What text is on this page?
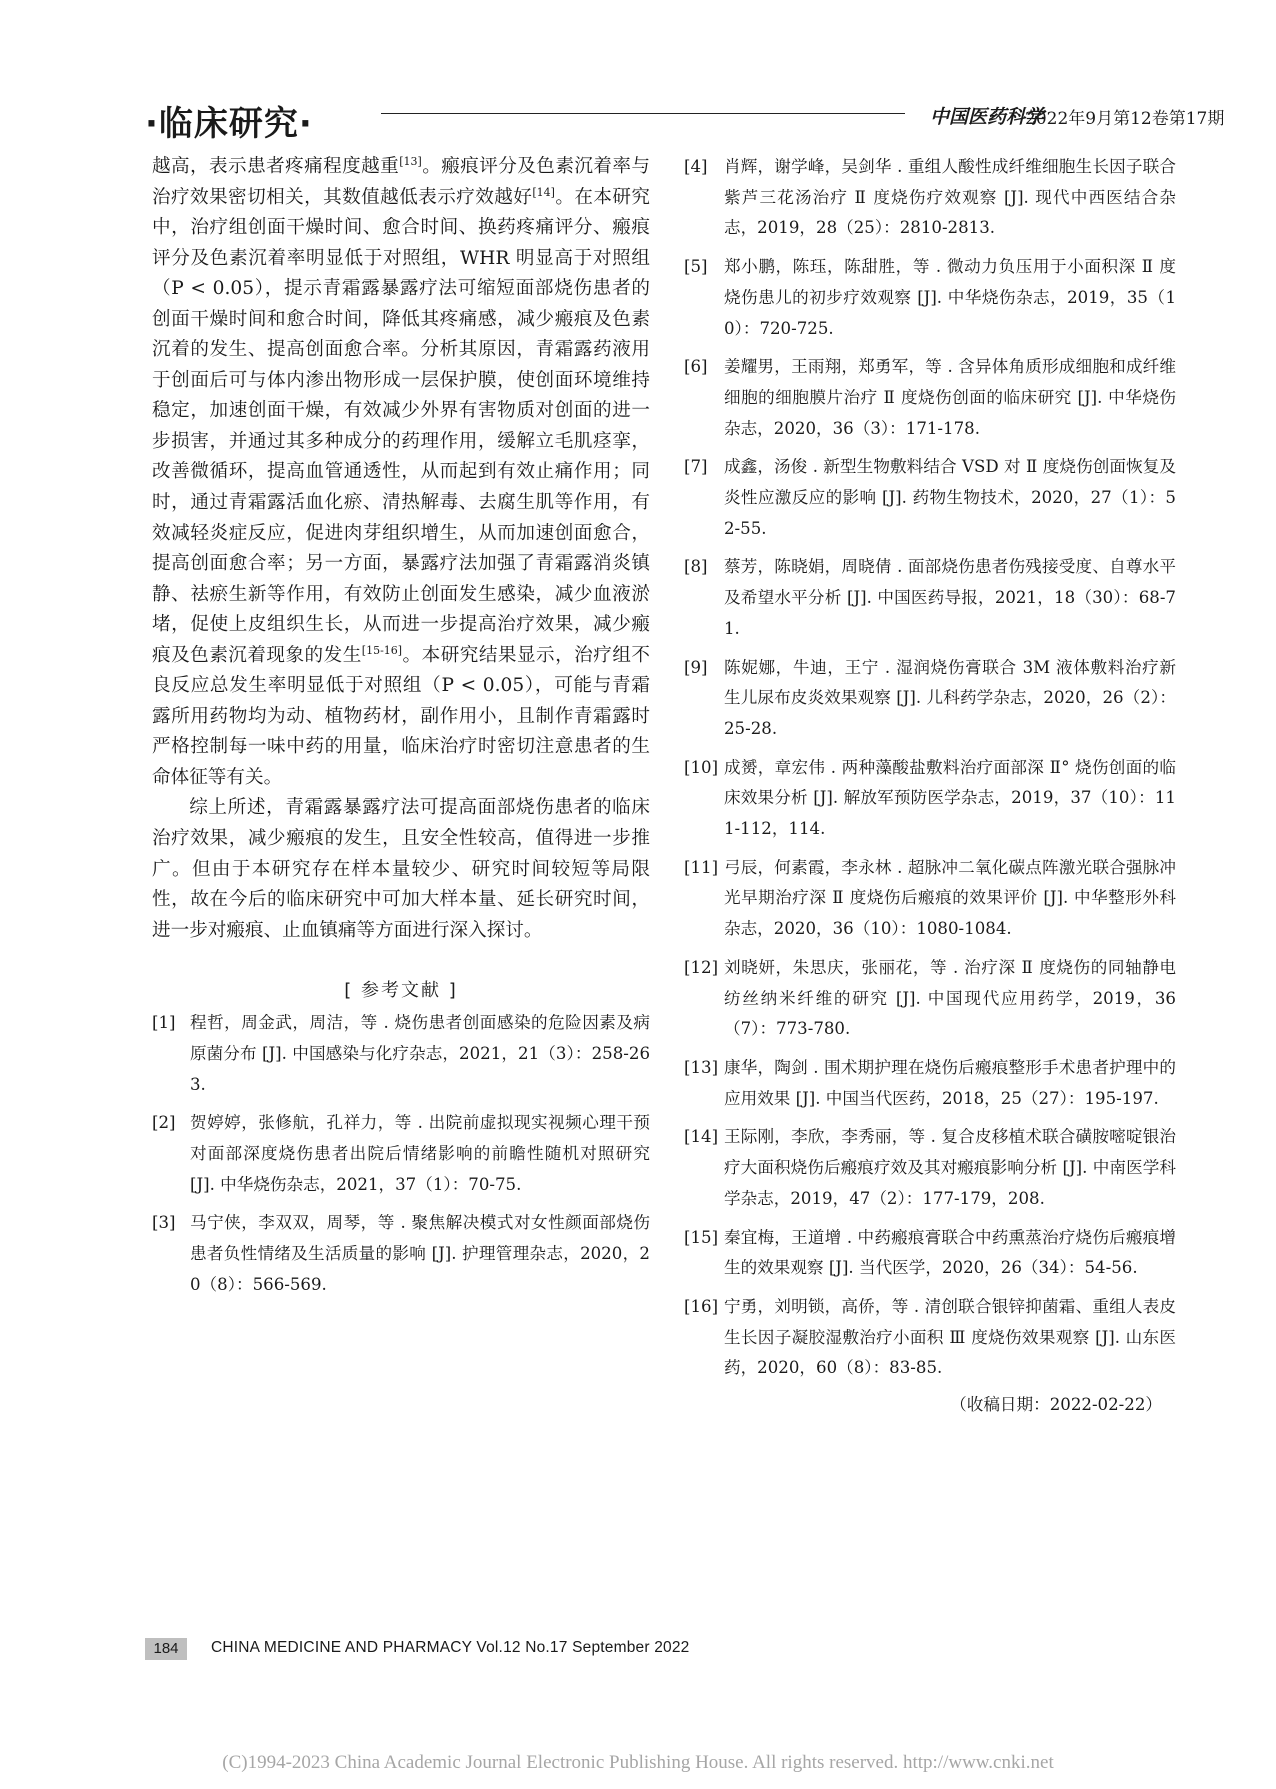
·临床研究·	中国医药科学
2022年9月第12卷第17期

越高，表示患者疼痛程度越重[13]。瘢痕评分及色素沉着率与治疗效果密切相关，其数值越低表示疗效越好[14]。在本研究中，治疗组创面干燥时间、愈合时间、换药疼痛评分、瘢痕评分及色素沉着率明显低于对照组，WHR 明显高于对照组（P < 0.05），提示青霜露暴露疗法可缩短面部烧伤患者的创面干燥时间和愈合时间，降低其疼痛感，减少瘢痕及色素沉着的发生、提高创面愈合率。分析其原因，青霜露药液用于创面后可与体内渗出物形成一层保护膜，使创面环境维持稳定，加速创面干燥，有效减少外界有害物质对创面的进一步损害，并通过其多种成分的药理作用，缓解立毛肌痉挛，改善微循环，提高血管通透性，从而起到有效止痛作用；同时，通过青霜露活血化瘀、清热解毒、去腐生肌等作用，有效减轻炎症反应，促进肉芽组织增生，从而加速创面愈合，提高创面愈合率；另一方面，暴露疗法加强了青霜露消炎镇静、祛瘀生新等作用，有效防止创面发生感染，减少血液淤堵，促使上皮组织生长，从而进一步提高治疗效果，减少瘢痕及色素沉着现象的发生[15-16]。本研究结果显示，治疗组不良反应总发生率明显低于对照组（P < 0.05），可能与青霜露所用药物均为动、植物药材，副作用小，且制作青霜露时严格控制每一味中药的用量，临床治疗时密切注意患者的生命体征等有关。

综上所述，青霜露暴露疗法可提高面部烧伤患者的临床治疗效果，减少瘢痕的发生，且安全性较高，值得进一步推广。但由于本研究存在样本量较少、研究时间较短等局限性，故在今后的临床研究中可加大样本量、延长研究时间，进一步对瘢痕、止血镇痛等方面进行深入探讨。

[ 参考文献 ]
[1] 程哲，周金武，周洁，等 . 烧伤患者创面感染的危险因素及病原菌分布 [J]. 中国感染与化疗杂志，2021，21（3）：258-263.
[2] 贺婷婷，张修航，孔祥力，等 . 出院前虚拟现实视频心理干预对面部深度烧伤患者出院后情绪影响的前瞻性随机对照研究 [J]. 中华烧伤杂志，2021，37（1）：70-75.
[3] 马宁侠，李双双，周琴，等 . 聚焦解决模式对女性颜面部烧伤患者负性情绪及生活质量的影响 [J]. 护理管理杂志，2020，20（8）：566-569.
[4] 肖辉，谢学峰，吴剑华 . 重组人酸性成纤维细胞生长因子联合紫芦三花汤治疗 Ⅱ 度烧伤疗效观察 [J]. 现代中西医结合杂志，2019，28（25）：2810-2813.
[5] 郑小鹏，陈珏，陈甜胜，等 . 微动力负压用于小面积深 Ⅱ 度烧伤患儿的初步疗效观察 [J]. 中华烧伤杂志，2019，35（10）：720-725.
[6] 姜耀男，王雨翔，郑勇军，等 . 含异体角质形成细胞和成纤维细胞的细胞膜片治疗 Ⅱ 度烧伤创面的临床研究 [J]. 中华烧伤杂志，2020，36（3）：171-178.
[7] 成鑫，汤俊 . 新型生物敷料结合 VSD 对 Ⅱ 度烧伤创面恢复及炎性应激反应的影响 [J]. 药物生物技术，2020，27（1）：52-55.
[8] 蔡芳，陈晓娟，周晓倩 . 面部烧伤患者伤残接受度、自尊水平及希望水平分析 [J]. 中国医药导报，2021，18（30）：68-71.
[9] 陈妮娜，牛迪，王宁 . 湿润烧伤膏联合 3M 液体敷料治疗新生儿尿布皮炎效果观察 [J]. 儿科药学杂志，2020，26（2）：25-28.
[10] 成赟，章宏伟 . 两种藻酸盐敷料治疗面部深 Ⅱ° 烧伤创面的临床效果分析 [J]. 解放军预防医学杂志，2019，37（10）：111-112，114.
[11] 弓辰，何素霞，李永林 . 超脉冲二氧化碳点阵激光联合强脉冲光早期治疗深 Ⅱ 度烧伤后瘢痕的效果评价 [J]. 中华整形外科杂志，2020，36（10）：1080-1084.
[12] 刘晓妍，朱思庆，张丽花，等 . 治疗深 Ⅱ 度烧伤的同轴静电纺丝纳米纤维的研究 [J]. 中国现代应用药学，2019，36（7）：773-780.
[13] 康华，陶剑 . 围术期护理在烧伤后瘢痕整形手术患者护理中的应用效果 [J]. 中国当代医药，2018，25（27）：195-197.
[14] 王际刚，李欣，李秀丽，等 . 复合皮移植术联合磺胺嘧啶银治疗大面积烧伤后瘢痕疗效及其对瘢痕影响分析 [J]. 中南医学科学杂志，2019，47（2）：177-179，208.
[15] 秦宜梅，王道增 . 中药瘢痕膏联合中药熏蒸治疗烧伤后瘢痕增生的效果观察 [J]. 当代医学，2020，26（34）：54-56.
[16] 宁勇，刘明锁，高侨，等 . 清创联合银锌抑菌霜、重组人表皮生长因子凝胶湿敷治疗小面积 Ⅲ 度烧伤效果观察 [J]. 山东医药，2020，60（8）：83-85.
（收稿日期：2022-02-22）
184	CHINA MEDICINE AND PHARMACY Vol.12 No.17 September 2022
(C)1994-2023 China Academic Journal Electronic Publishing House. All rights reserved. http://www.cnki.net
